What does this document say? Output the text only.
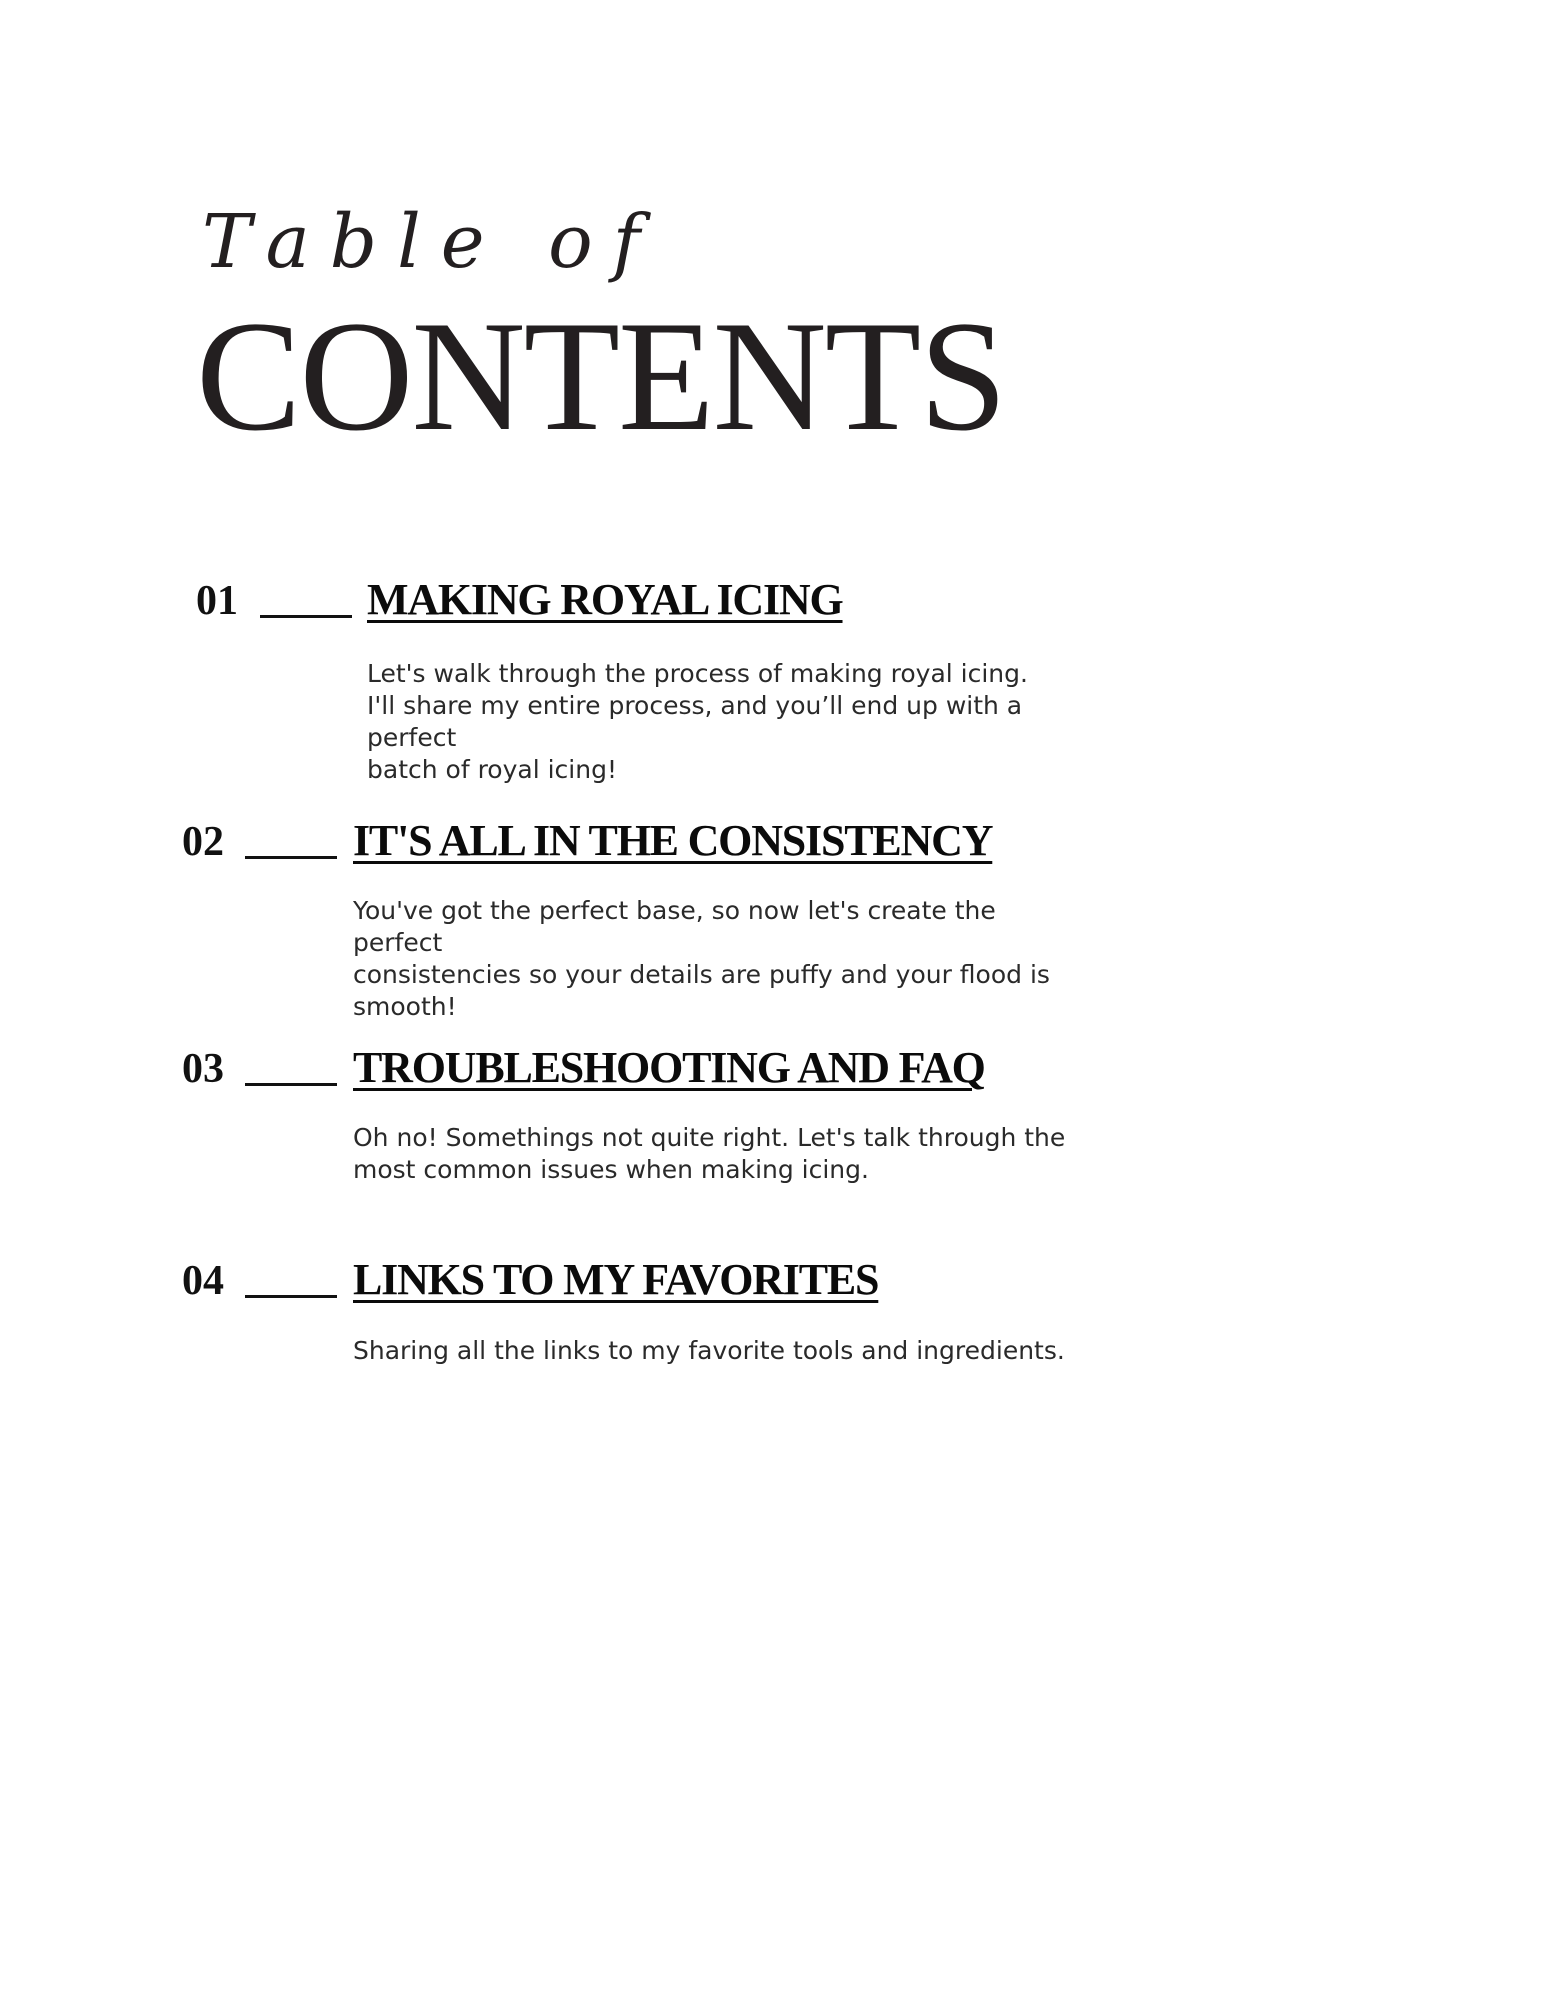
Table of
CONTENTS
01	MAKING ROYAL ICING
Let's walk through the process of making royal icing.
I'll share my entire process, and you’ll end up with a perfect
batch of royal icing!
02	IT'S ALL IN THE CONSISTENCY
You've got the perfect base, so now let's create the perfect
consistencies so your details are puffy and your flood is
smooth!
03	TROUBLESHOOTING AND FAQ
Oh no! Somethings not quite right. Let's talk through the
most common issues when making icing.
04	LINKS TO MY FAVORITES
Sharing all the links to my favorite tools and ingredients.
